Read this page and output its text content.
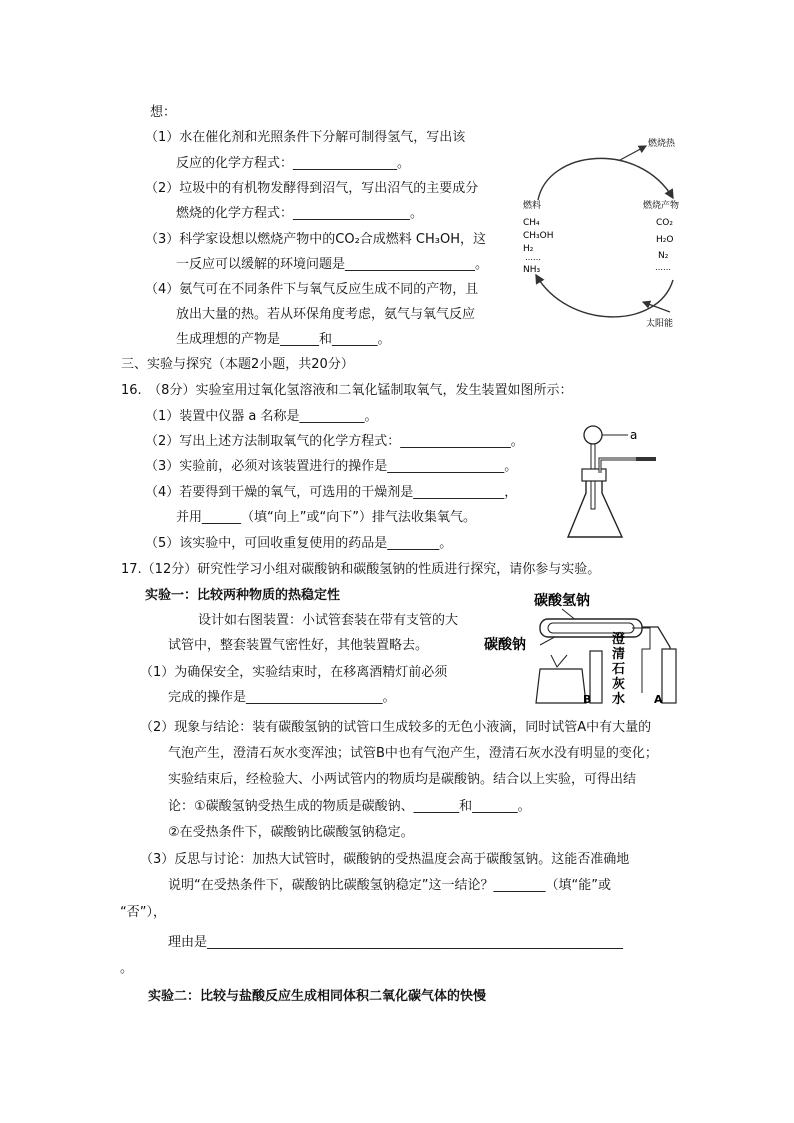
想：
（1）水在催化剂和光照条件下分解可制得氢气，写出该
反应的化学方程式：________________。
（2）垃圾中的有机物发酵得到沼气，写出沼气的主要成分
燃烧的化学方程式：__________________。
（3）科学家设想以燃烧产物中的CO₂合成燃料 CH₃OH，这
一反应可以缓解的环境问题是____________________。
（4）氨气可在不同条件下与氧气反应生成不同的产物，且
放出大量的热。若从环保角度考虑，氨气与氧气反应
生成理想的产物是______和_______。
燃烧热
燃料	燃烧产物
CH₄
CH₃OH
H₂
……
NH₃
CO₂
H₂O
N₂
……
太阳能
三、实验与探究（本题2小题，共20分）
16.　（8分）实验室用过氧化氢溶液和二氧化锰制取氧气，发生装置如图所示：
（1）装置中仪器 a 名称是__________。
（2）写出上述方法制取氧气的化学方程式：_________________。
（3）实验前，必须对该装置进行的操作是__________________。
（4）若要得到干燥的氧气，可选用的干燥剂是______________，
并用______（填“向上”或“向下”）排气法收集氧气。
（5）该实验中，可回收重复使用的药品是________。
a
17.（12分）研究性学习小组对碳酸钠和碳酸氢钠的性质进行探究，请你参与实验。
实验一：比较两种物质的热稳定性
设计如右图装置：小试管套装在带有支管的大
试管中，整套装置气密性好，其他装置略去。
（1）为确保安全，实验结束时，在移离酒精灯前必须
完成的操作是_____________________。
（2）现象与结论：装有碳酸氢钠的试管口生成较多的无色小液滴，同时试管A中有大量的
气泡产生，澄清石灰水变浑浊；试管B中也有气泡产生，澄清石灰水没有明显的变化；
实验结束后，经检验大、小两试管内的物质均是碳酸钠。结合以上实验，可得出结
论：①碳酸氢钠受热生成的物质是碳酸钠、_______和_______。
②在受热条件下，碳酸钠比碳酸氢钠稳定。
（3）反思与讨论：加热大试管时，碳酸钠的受热温度会高于碳酸氢钠。这能否准确地
说明“在受热条件下，碳酸钠比碳酸氢钠稳定”这一结论？________（填“能”或
“否”），
理由是________________________________________________________________
。
实验二：比较与盐酸反应生成相同体积二氧化碳气体的快慢
碳酸氢钠
碳酸钠	澄
清
石
灰
水
B	A
